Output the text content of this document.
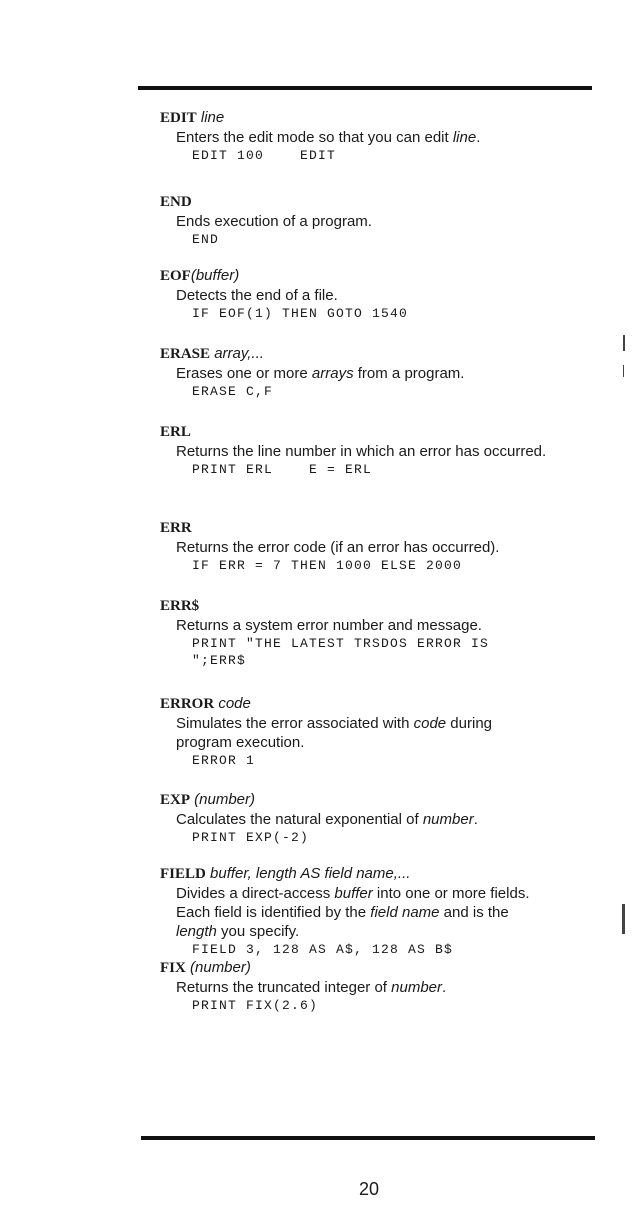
EDIT line
Enters the edit mode so that you can edit line.
EDIT 100    EDIT
END
Ends execution of a program.
END
EOF(buffer)
Detects the end of a file.
IF EOF(1) THEN GOTO 1540
ERASE array,...
Erases one or more arrays from a program.
ERASE C,F
ERL
Returns the line number in which an error has occurred.
PRINT ERL    E = ERL
ERR
Returns the error code (if an error has occurred).
IF ERR = 7 THEN 1000 ELSE 2000
ERR$
Returns a system error number and message.
PRINT "THE LATEST TRSDOS ERROR IS
";ERR$
ERROR code
Simulates the error associated with code during program execution.
ERROR 1
EXP (number)
Calculates the natural exponential of number.
PRINT EXP(-2)
FIELD buffer, length AS field name,...
Divides a direct-access buffer into one or more fields. Each field is identified by the field name and is the length you specify.
FIELD 3, 128 AS A$, 128 AS B$
FIX (number)
Returns the truncated integer of number.
PRINT FIX(2.6)
20
